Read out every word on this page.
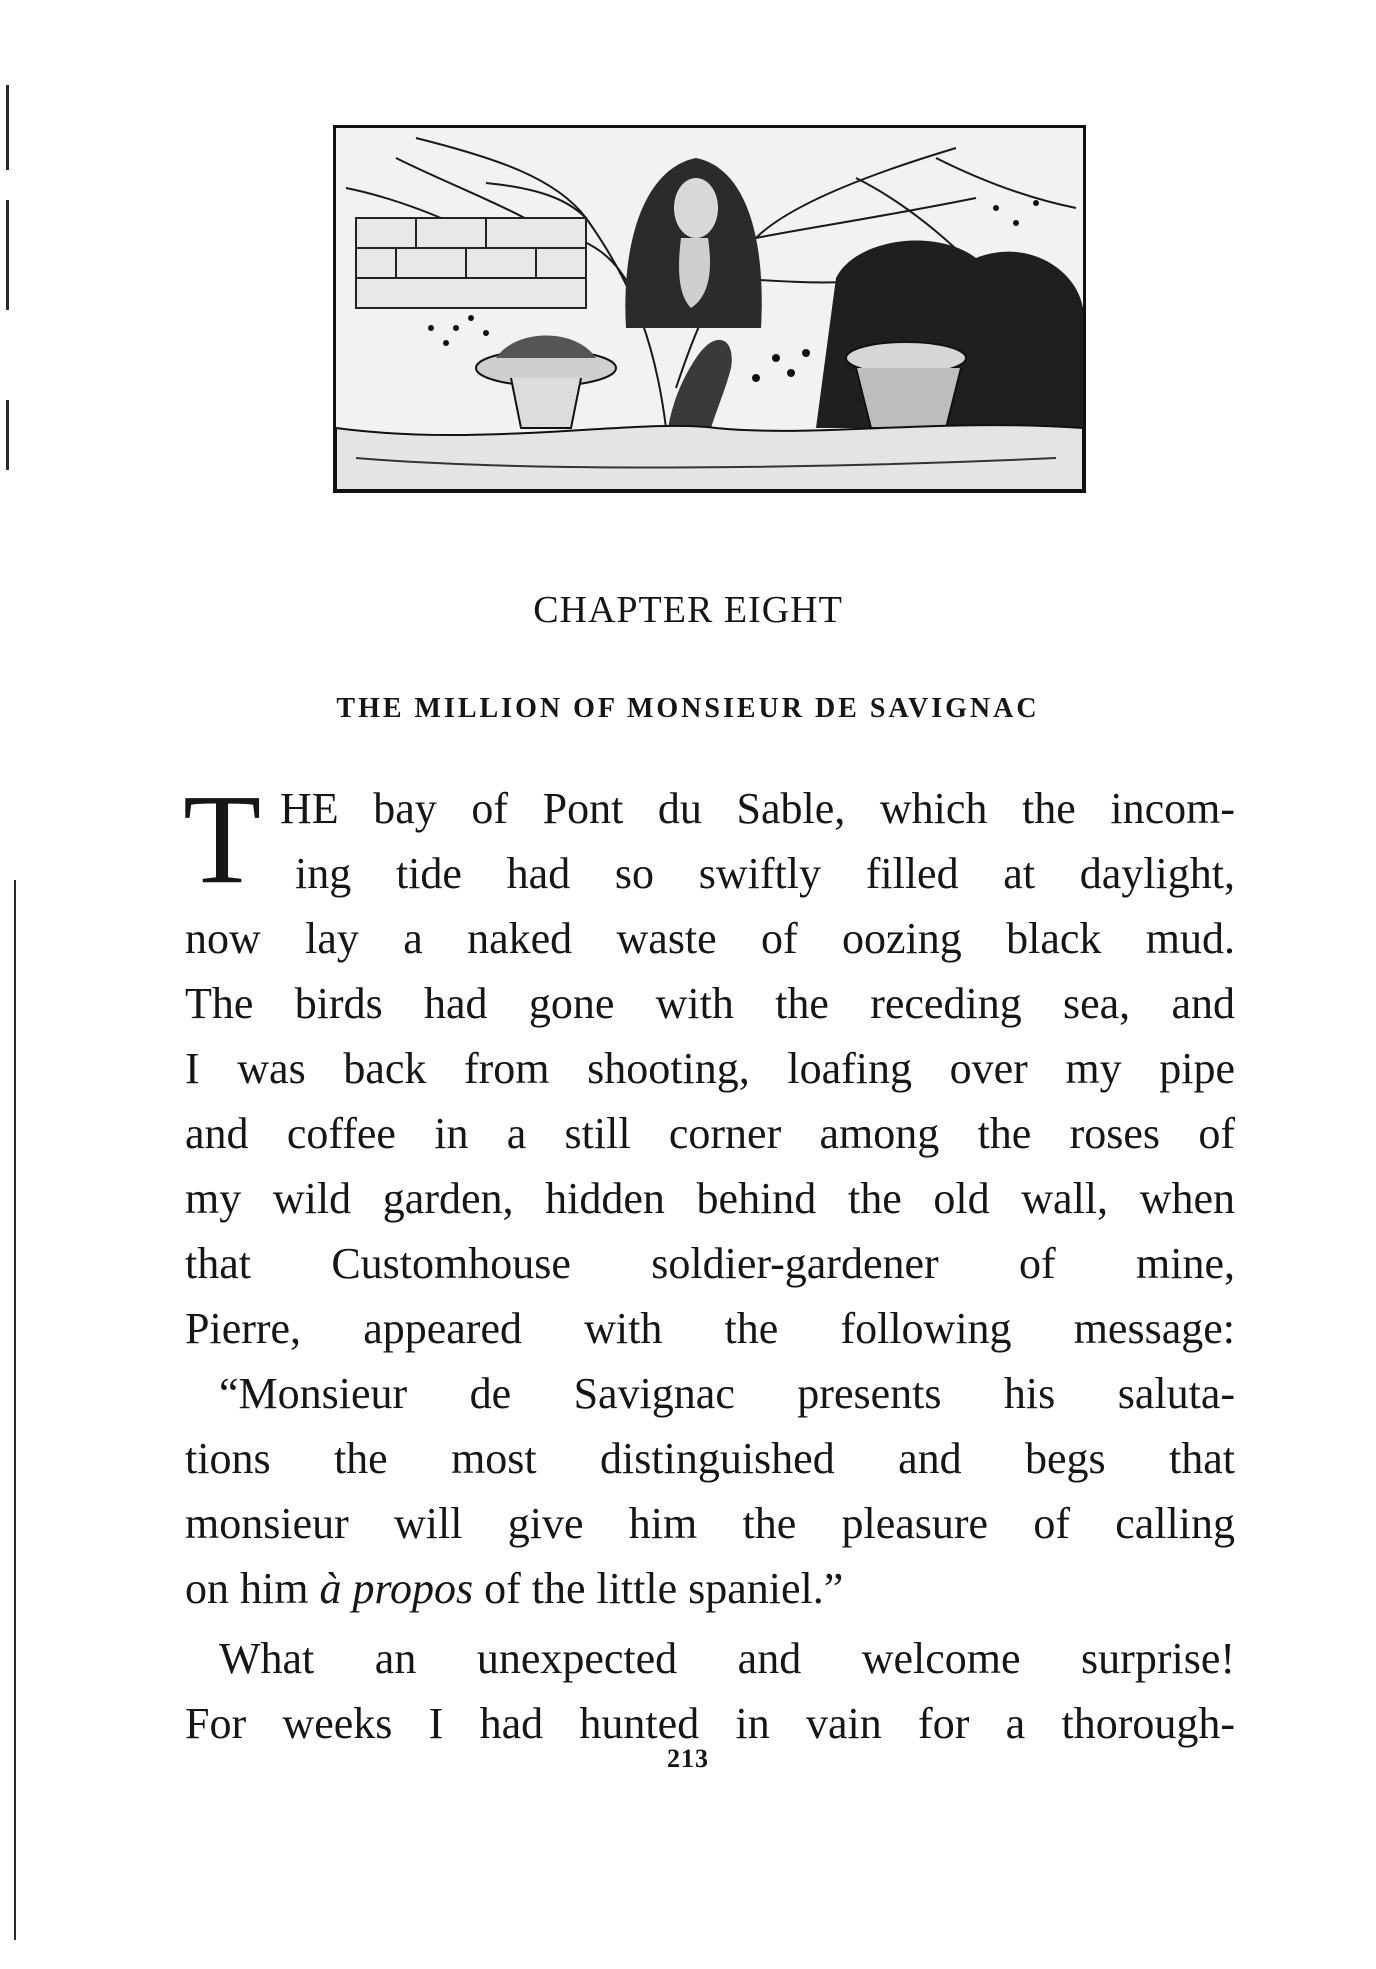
CHAPTER EIGHT
THE MILLION OF MONSIEUR DE SAVIGNAC
T HE bay of Pont du Sable, which the incom-
ing tide had so swiftly filled at daylight,
now lay a naked waste of oozing black mud.
The birds had gone with the receding sea, and
I was back from shooting, loafing over my pipe
and coffee in a still corner among the roses of
my wild garden, hidden behind the old wall, when
that Customhouse soldier-gardener of mine,
Pierre, appeared with the following message:
“Monsieur de Savignac presents his saluta-
tions the most distinguished and begs that
monsieur will give him the pleasure of calling
on him à propos of the little spaniel.”
What an unexpected and welcome surprise!
For weeks I had hunted in vain for a thorough-
213
